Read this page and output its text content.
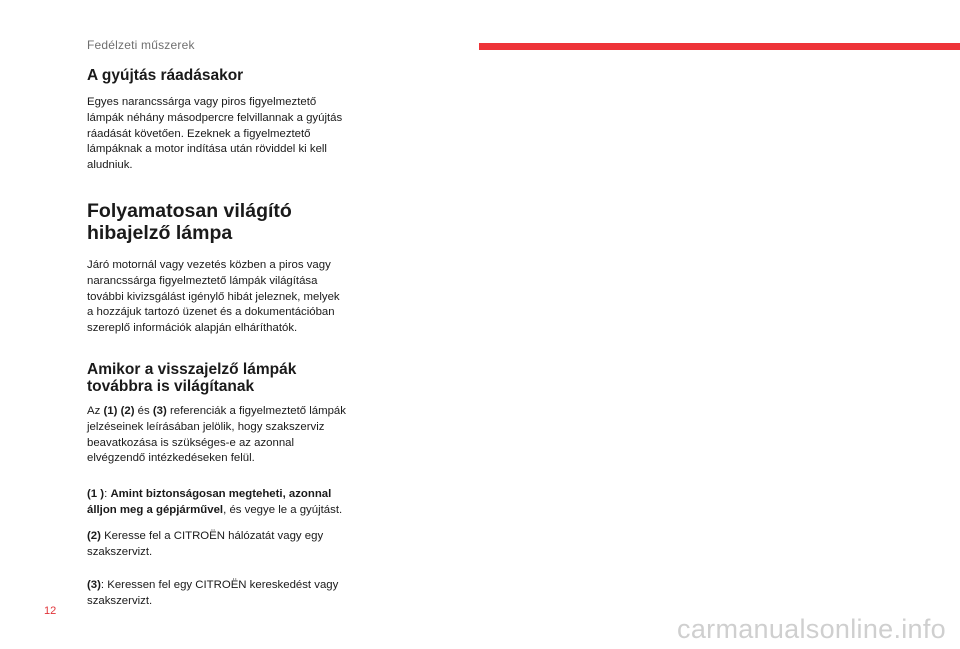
Fedélzeti műszerek
A gyújtás ráadásakor

Egyes narancssárga vagy piros figyelmeztető lámpák néhány másodpercre felvillannak a gyújtás ráadását követően. Ezeknek a figyelmeztető lámpáknak a motor indítása után röviddel ki kell aludniuk.

Folyamatosan világító hibajelző lámpa

Járó motornál vagy vezetés közben a piros vagy narancssárga figyelmeztető lámpák világítása további kivizsgálást igénylő hibát jeleznek, melyek a hozzájuk tartozó üzenet és a dokumentációban szereplő információk alapján elháríthatók.

Amikor a visszajelző lámpák továbbra is világítanak

Az (1) (2) és (3) referenciák a figyelmeztető lámpák jelzéseinek leírásában jelölik, hogy szakszerviz beavatkozása is szükséges-e az azonnal elvégzendő intézkedéseken felül.

(1 ): Amint biztonságosan megteheti, azonnal álljon meg a gépjárművel, és vegye le a gyújtást.

(2) Keresse fel a CITROËN hálózatát vagy egy szakszervizt.

(3): Keressen fel egy CITROËN kereskedést vagy szakszervizt.

12
carmanualsonline.info
